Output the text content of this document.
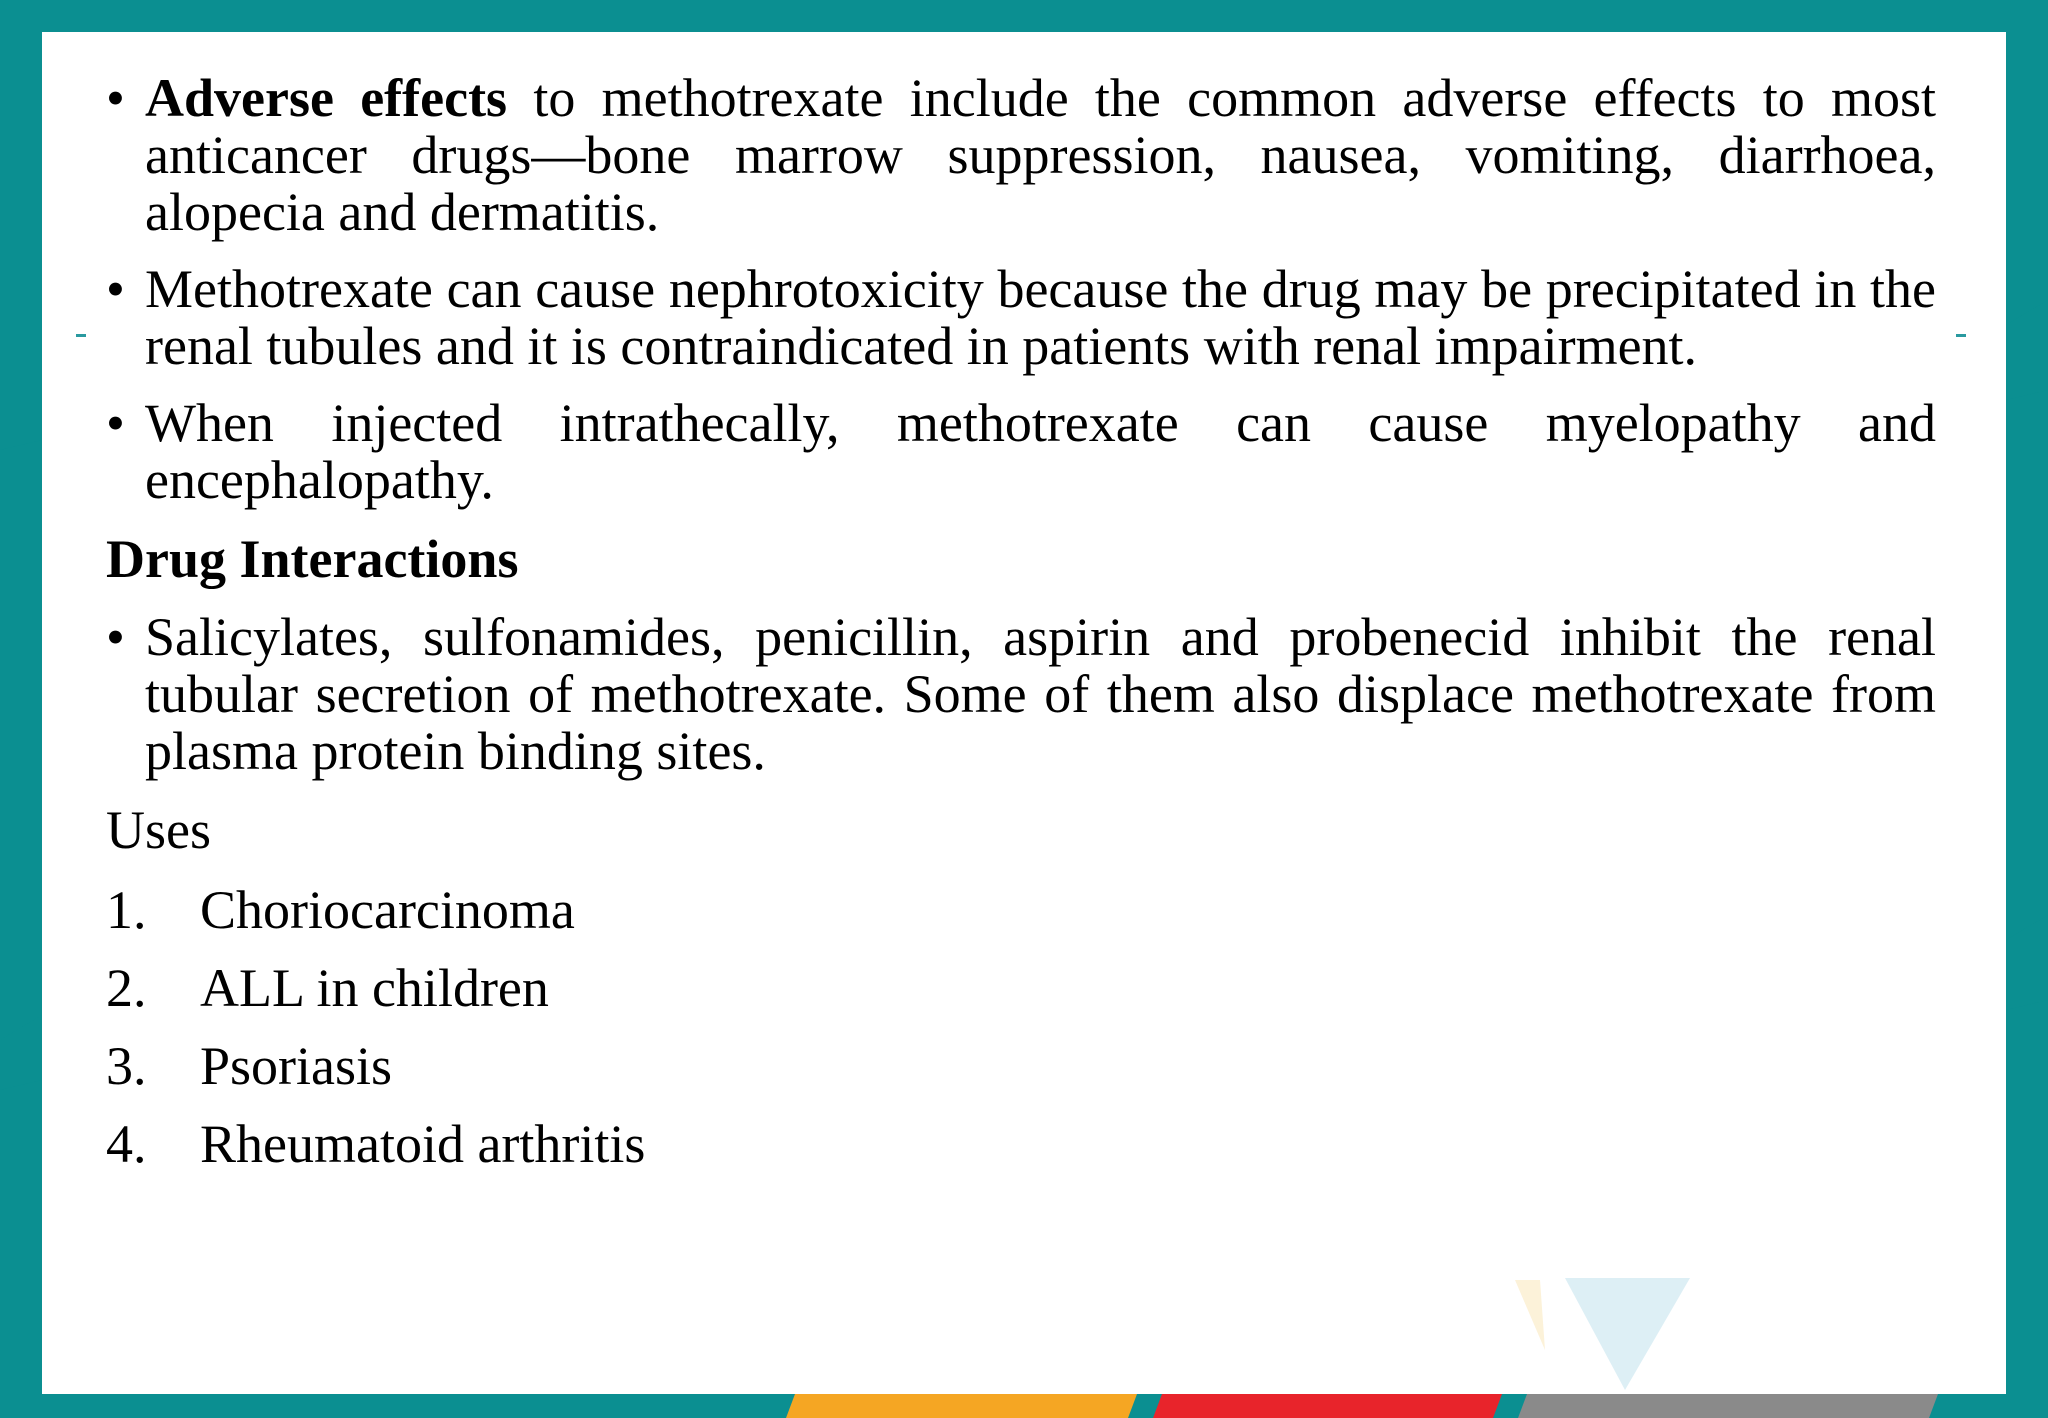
• Adverse effects to methotrexate include the common adverse effects to most anticancer drugs—bone marrow suppression, nausea, vomiting, diarrhoea, alopecia and dermatitis.
• Methotrexate can cause nephrotoxicity because the drug may be precipitated in the renal tubules and it is contraindicated in patients with renal impairment.
• When injected intrathecally, methotrexate can cause myelopathy and encephalopathy.
Drug Interactions
• Salicylates, sulfonamides, penicillin, aspirin and probenecid inhibit the renal tubular secretion of methotrexate. Some of them also displace methotrexate from plasma protein binding sites.
Uses
1. Choriocarcinoma
2. ALL in children
3. Psoriasis
4. Rheumatoid arthritis
